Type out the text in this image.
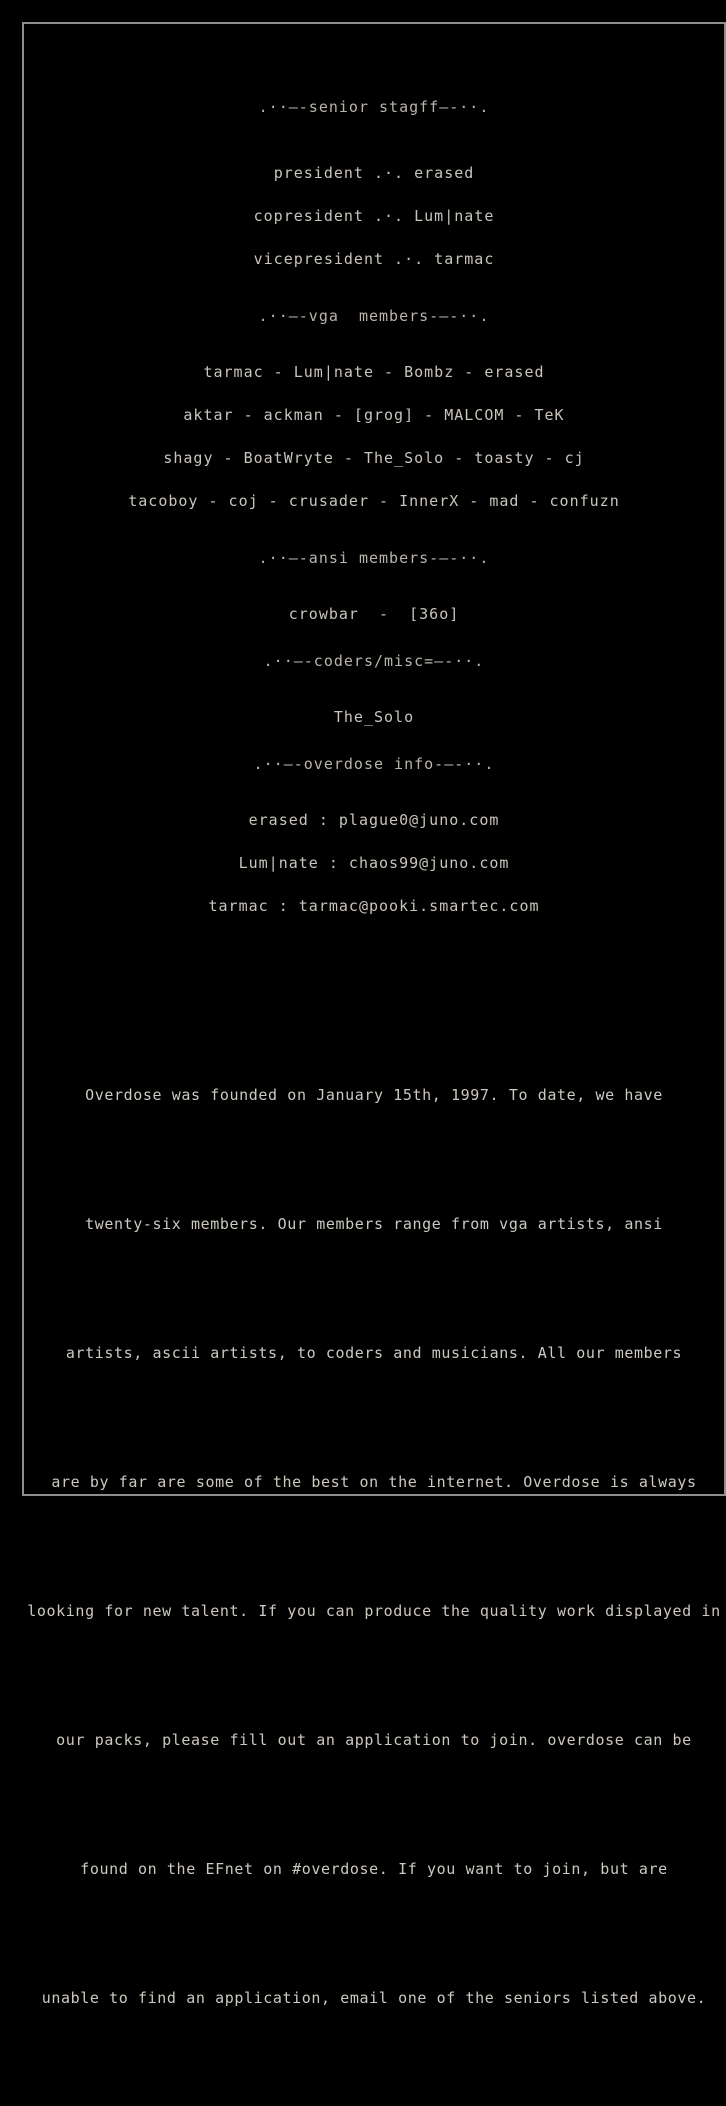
.··—-senior stagff—-··.
president .·. erased
copresident .·. Lum|nate
vicepresident .·. tarmac
.··—-vga  members-—-··.
tarmac - Lum|nate - Bombz - erased
aktar - ackman - [grog] - MALCOM - TeK
shagy - BoatWryte - The_Solo - toasty - cj
tacoboy - coj - crusader - InnerX - mad - confuzn
.··—-ansi members-—-··.
crowbar  -  [36o]
.··—-coders/misc=—-··.
The_Solo
.··—-overdose info-—-··.
erased : plague0@juno.com
Lum|nate : chaos99@juno.com
tarmac : tarmac@pooki.smartec.com

Overdose was founded on January 15th, 1997. To date, we have

twenty-six members. Our members range from vga artists, ansi

artists, ascii artists, to coders and musicians. All our members

are by far are some of the best on the internet. Overdose is always

looking for new talent. If you can produce the quality work displayed in

our packs, please fill out an application to join. overdose can be

found on the EFnet on #overdose. If you want to join, but are

unable to find an application, email one of the seniors listed above.
